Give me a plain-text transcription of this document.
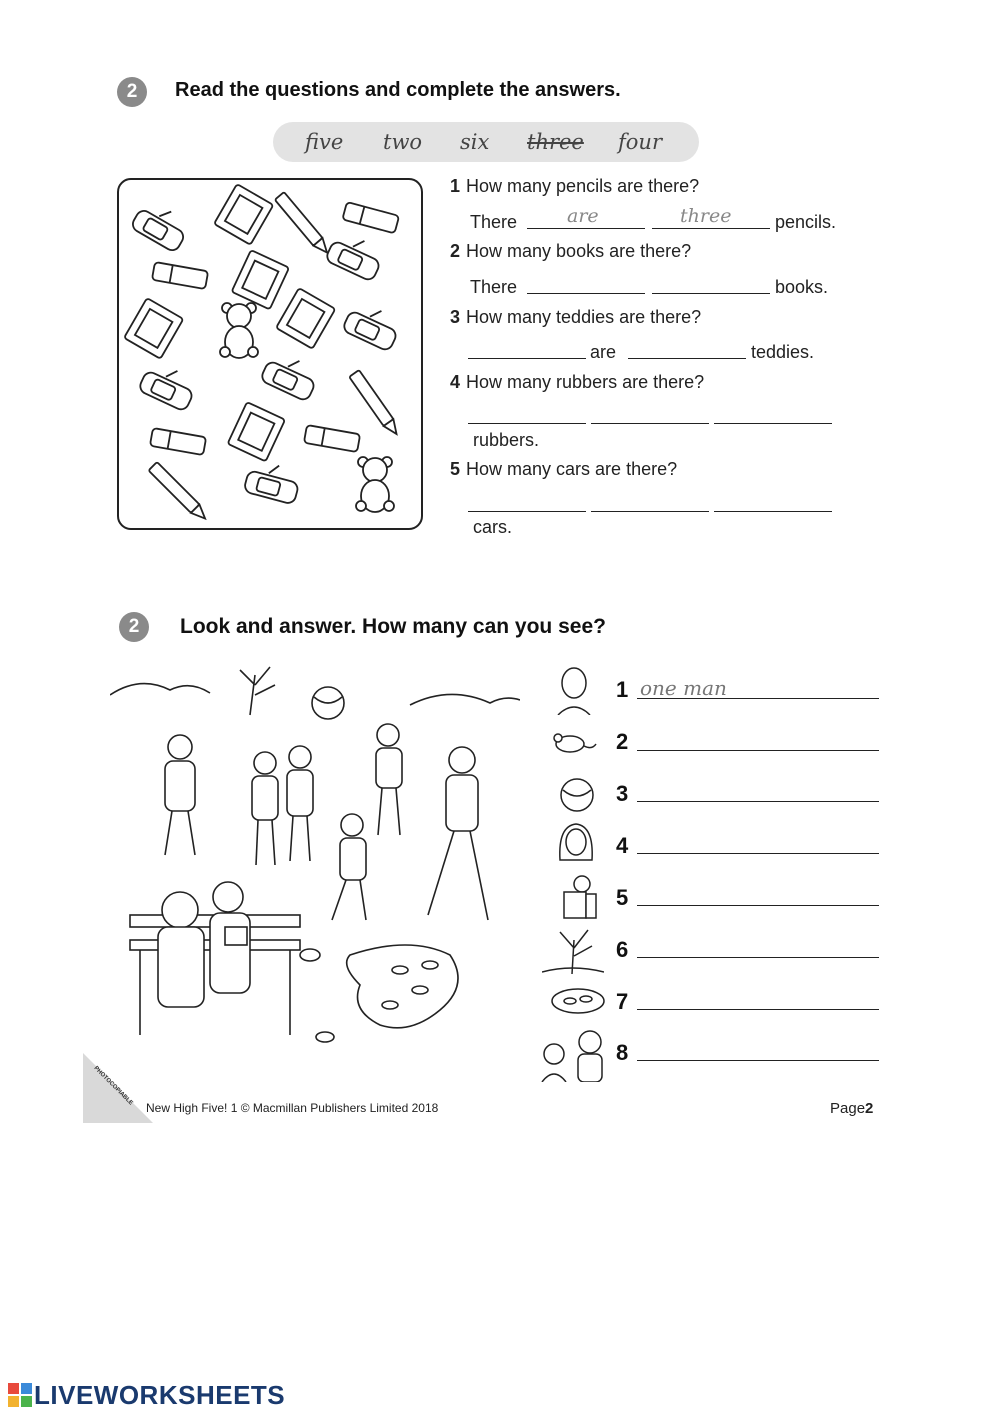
2	Read the questions and complete the answers.
five two six three four
1 How many pencils are there?
There	are	three pencils.
2 How many books are there?
There	books.
3 How many teddies are there?
are	teddies.
4 How many rubbers are there?
rubbers.
5 How many cars are there?
cars.
2	Look and answer. How many can you see?
1 one man
2
3
4
5
6
7
8
PHOTOCOPIABLE
New High Five! 1 © Macmillan Publishers Limited 2018	Page2
LIVEWORKSHEETS
